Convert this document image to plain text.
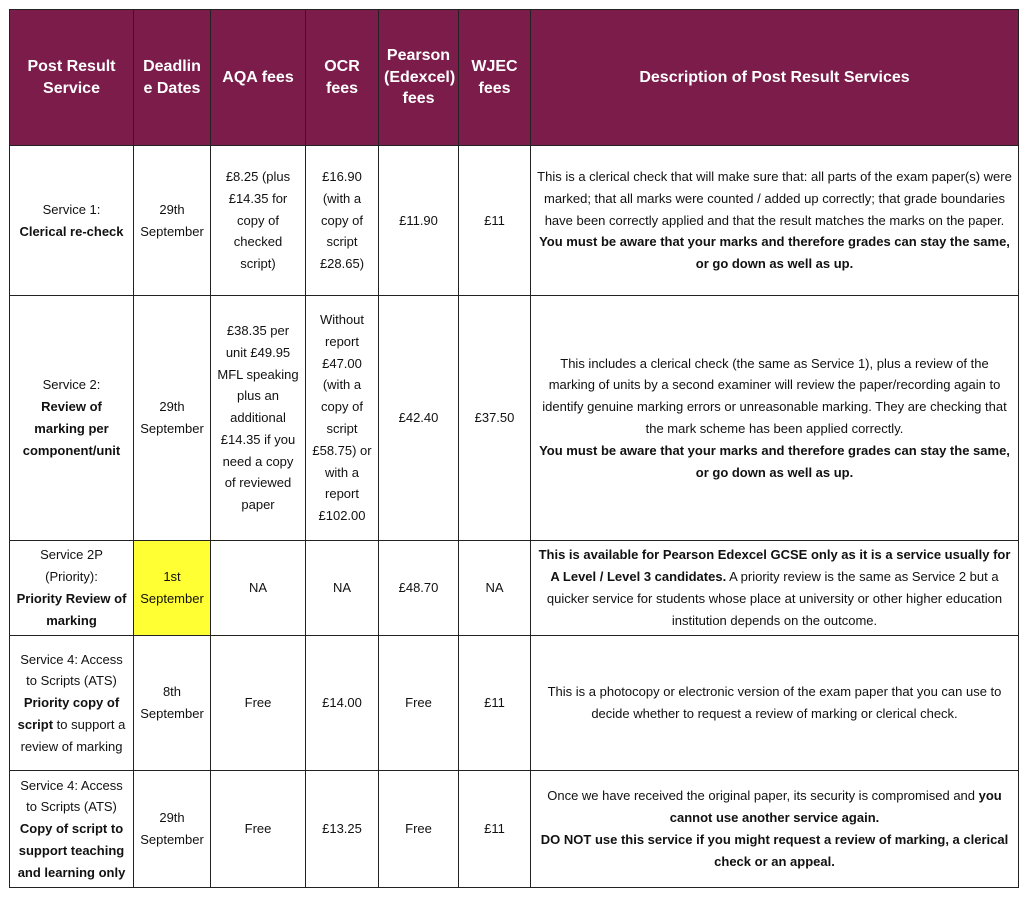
Post Result Service	Deadlin e Dates	AQA fees	OCR fees	Pearson (Edexcel) fees	WJEC fees	Description of Post Result Services
Service 1:
Clerical re-check	29th September	£8.25 (plus £14.35 for copy of checked script)	£16.90 (with a copy of script £28.65)	£11.90	£11	This is a clerical check that will make sure that: all parts of the exam paper(s) were marked; that all marks were counted / added up correctly; that grade boundaries have been correctly applied and that the result matches the marks on the paper.
You must be aware that your marks and therefore grades can stay the same, or go down as well as up.
Service 2:
Review of marking per component/unit	29th September	£38.35 per unit £49.95 MFL speaking plus an additional £14.35 if you need a copy of reviewed paper	Without report £47.00 (with a copy of script £58.75) or with a report £102.00	£42.40	£37.50	This includes a clerical check (the same as Service 1), plus a review of the marking of units by a second examiner will review the paper/recording again to identify genuine marking errors or unreasonable marking. They are checking that the mark scheme has been applied correctly.
You must be aware that your marks and therefore grades can stay the same, or go down as well as up.
Service 2P (Priority):
Priority Review of marking	1st September	NA	NA	£48.70	NA	This is available for Pearson Edexcel GCSE only as it is a service usually for A Level / Level 3 candidates. A priority review is the same as Service 2 but a quicker service for students whose place at university or other higher education institution depends on the outcome.
Service 4: Access to Scripts (ATS)
Priority copy of script to support a review of marking	8th September	Free	£14.00	Free	£11	This is a photocopy or electronic version of the exam paper that you can use to decide whether to request a review of marking or clerical check.
Service 4: Access to Scripts (ATS)
Copy of script to support teaching and learning only	29th September	Free	£13.25	Free	£11	Once we have received the original paper, its security is compromised and you cannot use another service again.
DO NOT use this service if you might request a review of marking, a clerical check or an appeal.
